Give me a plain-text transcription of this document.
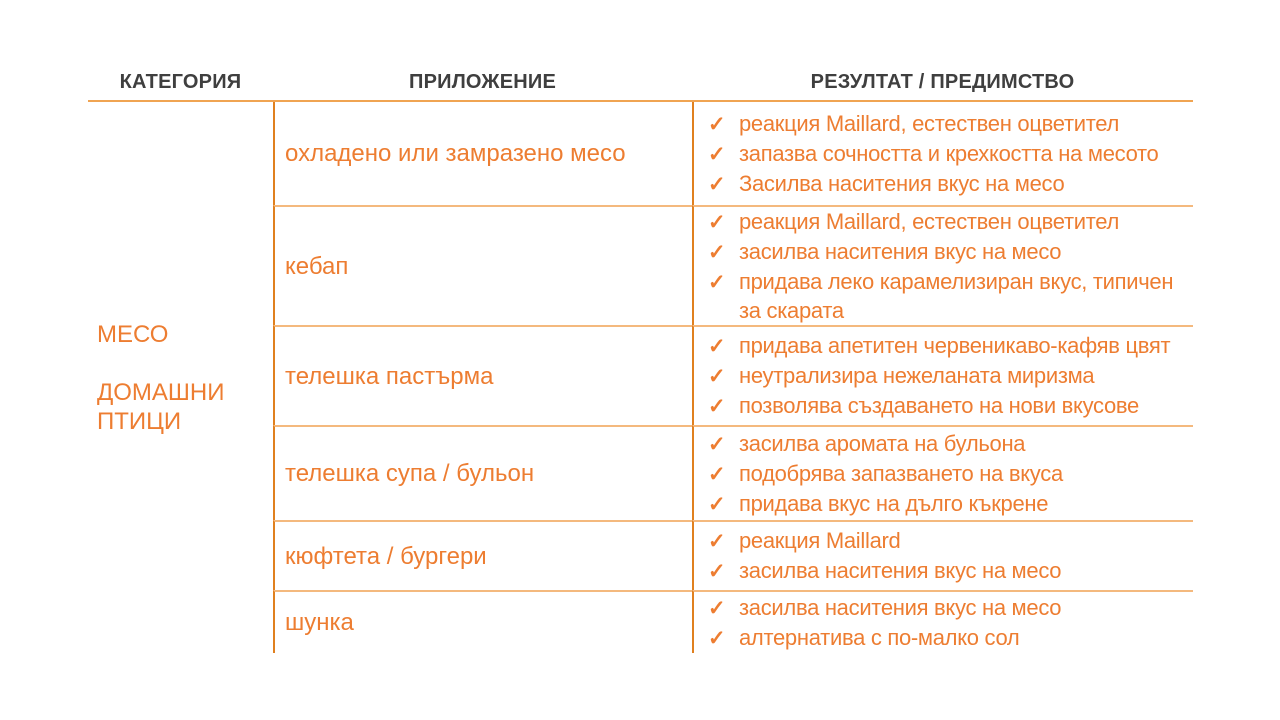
КАТЕГОРИЯ	ПРИЛОЖЕНИЕ	РЕЗУЛТАТ / ПРЕДИМСТВО
МЕСО
ДОМАШНИ ПТИЦИ
охладено или замразено месо
✓ реакция Maillard, естествен оцветител
✓ запазва сочността и крехкостта на месото
✓ Засилва наситения вкус на месо
кебап
✓ реакция Maillard, естествен оцветител
✓ засилва наситения вкус на месо
✓ придава леко карамелизиран вкус, типичен за скарата
телешка пастърма
✓ придава апетитен червеникаво-кафяв цвят
✓ неутрализира нежеланата миризма
✓ позволява създаването на нови вкусове
телешка супа / бульон
✓ засилва аромата на бульона
✓ подобрява запазването на вкуса
✓ придава вкус на дълго къкрене
кюфтета / бургери
✓ реакция Maillard
✓ засилва наситения вкус на месо
шунка
✓ засилва наситения вкус на месо
✓ алтернатива с по-малко сол
